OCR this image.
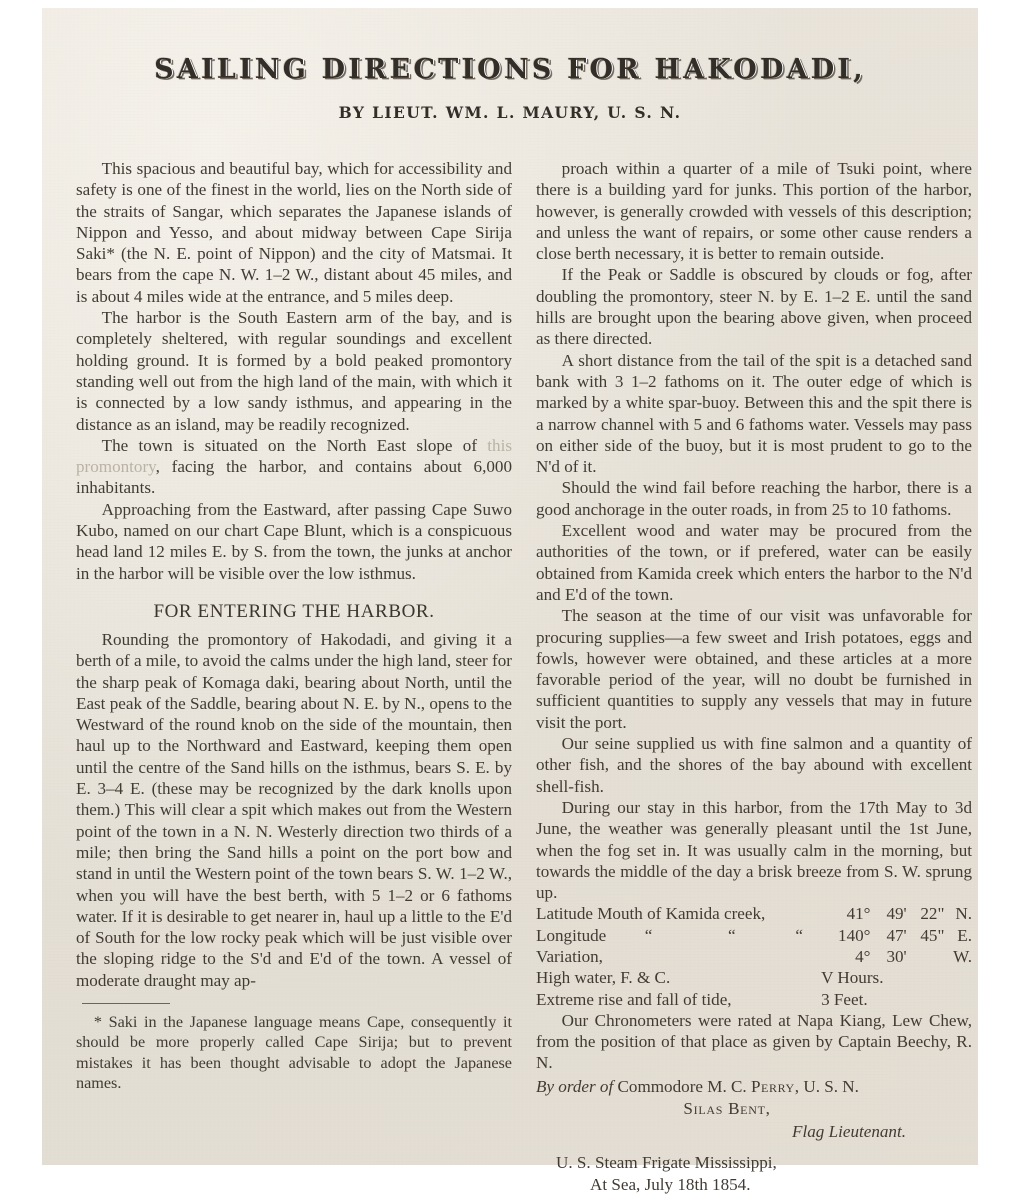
SAILING DIRECTIONS FOR HAKODADI,
BY LIEUT. WM. L. MAURY, U. S. N.

This spacious and beautiful bay, which for accessibility and safety is one of the finest in the world, lies on the North side of the straits of Sangar, which separates the Japanese islands of Nippon and Yesso, and about midway between Cape Sirija Saki* (the N. E. point of Nippon) and the city of Matsmai. It bears from the cape N. W. 1–2 W., distant about 45 miles, and is about 4 miles wide at the entrance, and 5 miles deep.

The harbor is the South Eastern arm of the bay, and is completely sheltered, with regular soundings and excellent holding ground. It is formed by a bold peaked promontory standing well out from the high land of the main, with which it is connected by a low sandy isthmus, and appearing in the distance as an island, may be readily recognized.

The town is situated on the North East slope of this promontory, facing the harbor, and contains about 6,000 inhabitants.

Approaching from the Eastward, after passing Cape Suwo Kubo, named on our chart Cape Blunt, which is a conspicuous head land 12 miles E. by S. from the town, the junks at anchor in the harbor will be visible over the low isthmus.

FOR ENTERING THE HARBOR.

Rounding the promontory of Hakodadi, and giving it a berth of a mile, to avoid the calms under the high land, steer for the sharp peak of Komaga daki, bearing about North, until the East peak of the Saddle, bearing about N. E. by N., opens to the Westward of the round knob on the side of the mountain, then haul up to the Northward and Eastward, keeping them open until the centre of the Sand hills on the isthmus, bears S. E. by E. 3–4 E. (these may be recognized by the dark knolls upon them.) This will clear a spit which makes out from the Western point of the town in a N. N. Westerly direction two thirds of a mile; then bring the Sand hills a point on the port bow and stand in until the Western point of the town bears S. W. 1–2 W., when you will have the best berth, with 5 1–2 or 6 fathoms water. If it is desirable to get nearer in, haul up a little to the E'd of South for the low rocky peak which will be just visible over the sloping ridge to the S'd and E'd of the town. A vessel of moderate draught may ap-

* Saki in the Japanese language means Cape, consequently it should be more properly called Cape Sirija; but to prevent mistakes it has been thought advisable to adopt the Japanese names.

proach within a quarter of a mile of Tsuki point, where there is a building yard for junks. This portion of the harbor, however, is generally crowded with vessels of this description; and unless the want of repairs, or some other cause renders a close berth necessary, it is better to remain outside.

If the Peak or Saddle is obscured by clouds or fog, after doubling the promontory, steer N. by E. 1–2 E. until the sand hills are brought upon the bearing above given, when proceed as there directed.

A short distance from the tail of the spit is a detached sand bank with 3 1–2 fathoms on it. The outer edge of which is marked by a white spar-buoy. Between this and the spit there is a narrow channel with 5 and 6 fathoms water. Vessels may pass on either side of the buoy, but it is most prudent to go to the N'd of it.

Should the wind fail before reaching the harbor, there is a good anchorage in the outer roads, in from 25 to 10 fathoms.

Excellent wood and water may be procured from the authorities of the town, or if prefered, water can be easily obtained from Kamida creek which enters the harbor to the N'd and E'd of the town.

The season at the time of our visit was unfavorable for procuring supplies—a few sweet and Irish potatoes, eggs and fowls, however were obtained, and these articles at a more favorable period of the year, will no doubt be furnished in sufficient quantities to supply any vessels that may in future visit the port.

Our seine supplied us with fine salmon and a quantity of other fish, and the shores of the bay abound with excellent shell-fish.

During our stay in this harbor, from the 17th May to 3d June, the weather was generally pleasant until the 1st June, when the fog set in. It was usually calm in the morning, but towards the middle of the day a brisk breeze from S. W. sprung up.

Latitude Mouth of Kamida creek,	41°	49'	22"	N.
Longitude “ “ “	140°	47'	45"	E.
Variation,	4°	30'		W.
High water, F. & C.	V Hours.			
Extreme rise and fall of tide,	3 Feet.			

Our Chronometers were rated at Napa Kiang, Lew Chew, from the position of that place as given by Captain Beechy, R. N.

By order of Commodore M. C. Perry, U. S. N.
Silas Bent,
Flag Lieutenant.
U. S. Steam Frigate Mississippi,
At Sea, July 18th 1854.
